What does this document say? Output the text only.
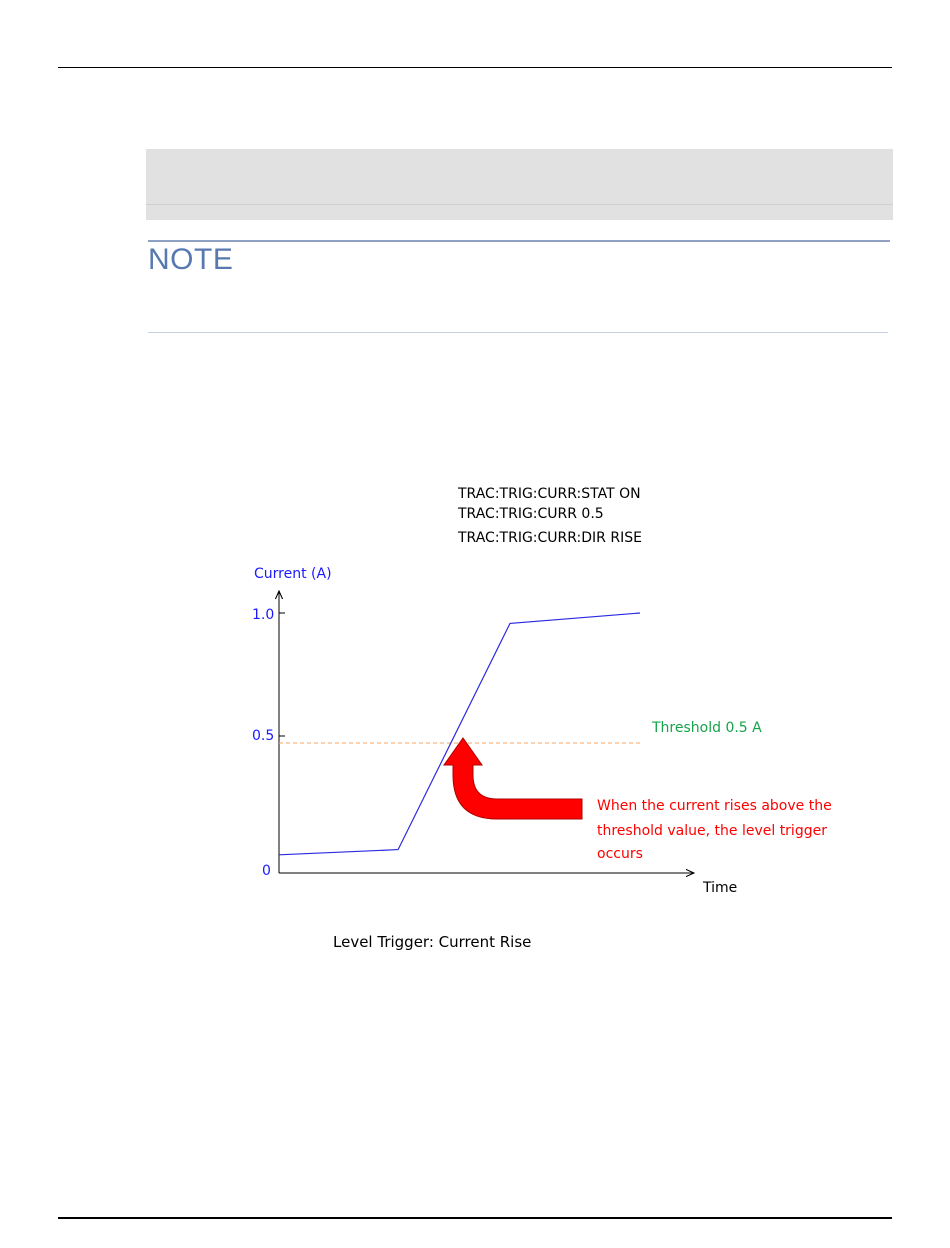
NOTE
TRAC:TRIG:CURR:STAT ON
TRAC:TRIG:CURR 0.5
TRAC:TRIG:CURR:DIR RISE
Current (A)
1.0
0.5
0
Threshold 0.5 A
When the current rises above the
threshold value, the level trigger
occurs
Time
Level Trigger: Current Rise
